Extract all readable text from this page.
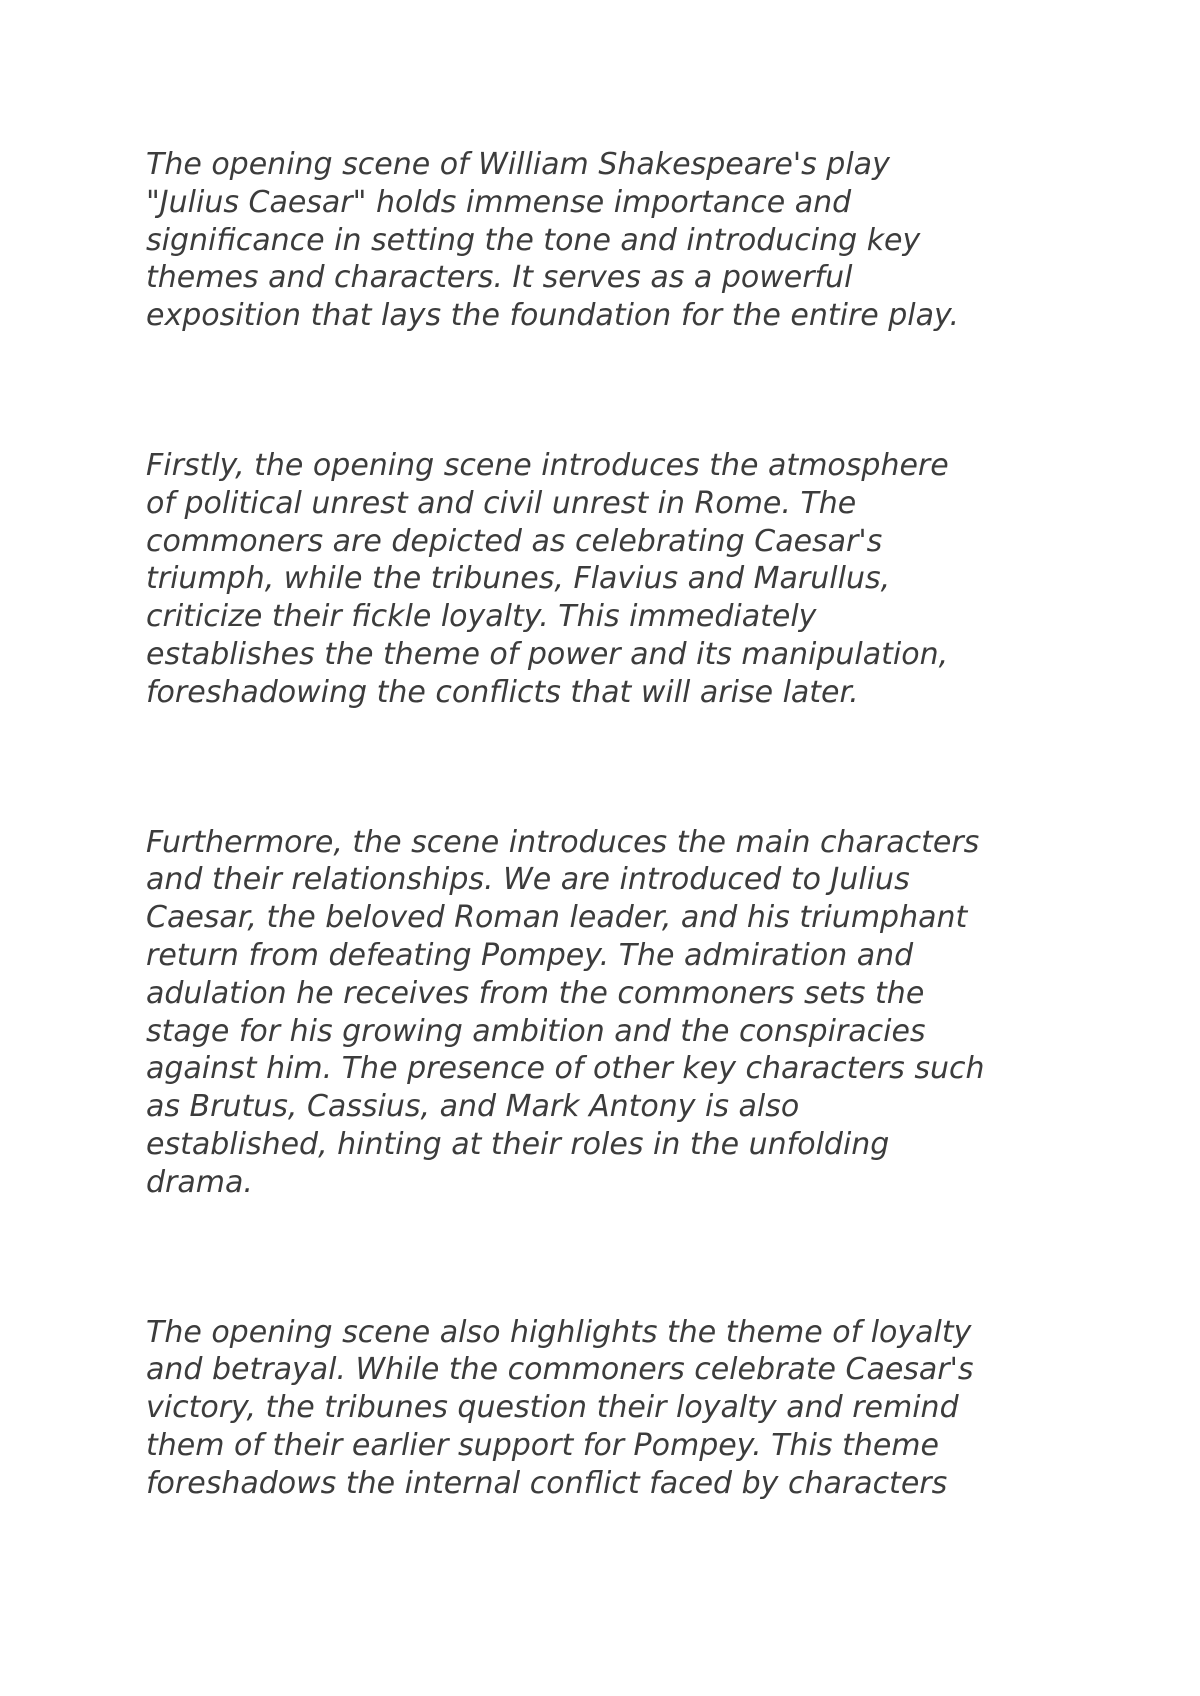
The opening scene of William Shakespeare's play
"Julius Caesar" holds immense importance and
significance in setting the tone and introducing key
themes and characters. It serves as a powerful
exposition that lays the foundation for the entire play.

Firstly, the opening scene introduces the atmosphere
of political unrest and civil unrest in Rome. The
commoners are depicted as celebrating Caesar's
triumph, while the tribunes, Flavius and Marullus,
criticize their fickle loyalty. This immediately
establishes the theme of power and its manipulation,
foreshadowing the conflicts that will arise later.

Furthermore, the scene introduces the main characters
and their relationships. We are introduced to Julius
Caesar, the beloved Roman leader, and his triumphant
return from defeating Pompey. The admiration and
adulation he receives from the commoners sets the
stage for his growing ambition and the conspiracies
against him. The presence of other key characters such
as Brutus, Cassius, and Mark Antony is also
established, hinting at their roles in the unfolding
drama.

The opening scene also highlights the theme of loyalty
and betrayal. While the commoners celebrate Caesar's
victory, the tribunes question their loyalty and remind
them of their earlier support for Pompey. This theme
foreshadows the internal conflict faced by characters
